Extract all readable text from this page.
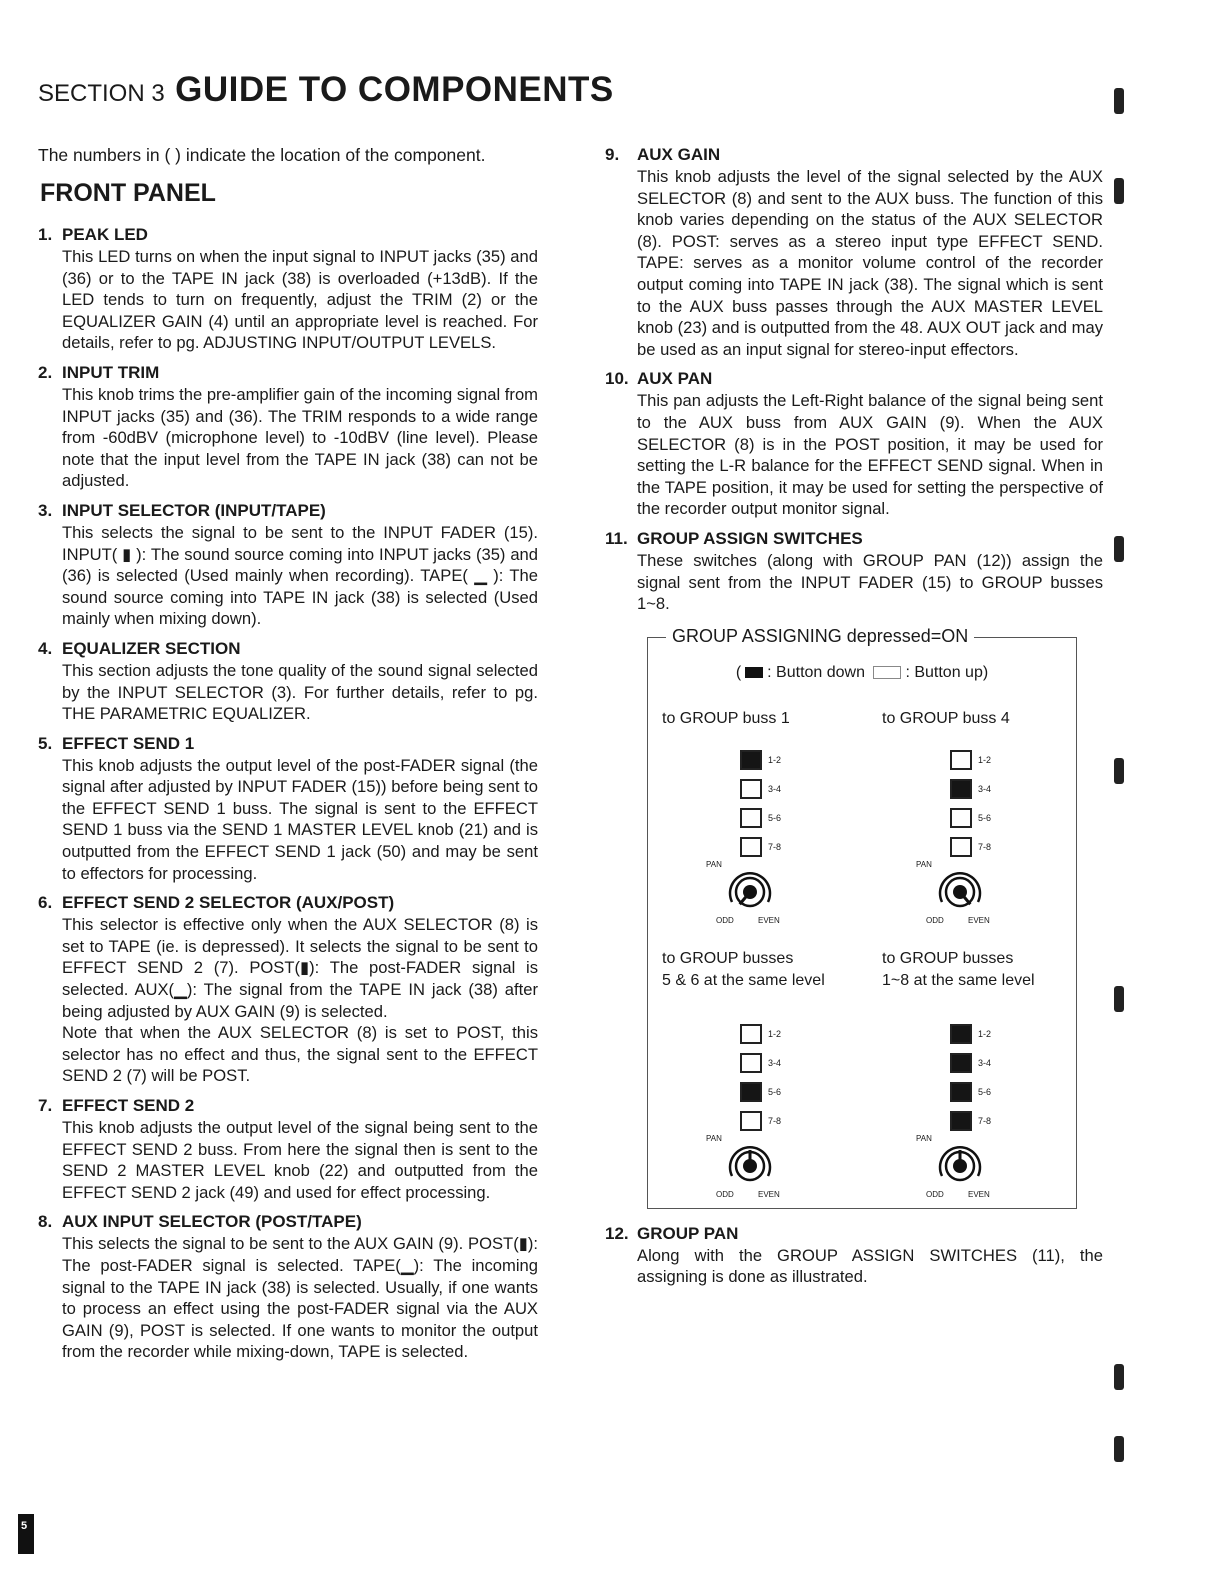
SECTION 3 GUIDE TO COMPONENTS

The numbers in ( ) indicate the location of the component.

FRONT PANEL
1. PEAK LED
This LED turns on when the input signal to INPUT jacks (35) and (36) or to the TAPE IN jack (38) is overloaded (+13dB). If the LED tends to turn on frequently, adjust the TRIM (2) or the EQUALIZER GAIN (4) until an appropriate level is reached. For details, refer to pg. ADJUSTING INPUT/OUTPUT LEVELS.
2. INPUT TRIM
This knob trims the pre-amplifier gain of the incoming signal from INPUT jacks (35) and (36). The TRIM responds to a wide range from -60dBV (microphone level) to -10dBV (line level). Please note that the input level from the TAPE IN jack (38) can not be adjusted.
3. INPUT SELECTOR (INPUT/TAPE)
This selects the signal to be sent to the INPUT FADER (15). INPUT( ▮ ): The sound source coming into INPUT jacks (35) and (36) is selected (Used mainly when recording). TAPE( ▁ ): The sound source coming into TAPE IN jack (38) is selected (Used mainly when mixing down).
4. EQUALIZER SECTION
This section adjusts the tone quality of the sound signal selected by the INPUT SELECTOR (3). For further details, refer to pg. THE PARAMETRIC EQUALIZER.
5. EFFECT SEND 1
This knob adjusts the output level of the post-FADER signal (the signal after adjusted by INPUT FADER (15)) before being sent to the EFFECT SEND 1 buss. The signal is sent to the EFFECT SEND 1 buss via the SEND 1 MASTER LEVEL knob (21) and is outputted from the EFFECT SEND 1 jack (50) and may be sent to effectors for processing.
6. EFFECT SEND 2 SELECTOR (AUX/POST)
This selector is effective only when the AUX SELECTOR (8) is set to TAPE (ie. is depressed). It selects the signal to be sent to EFFECT SEND 2 (7). POST(▮): The post-FADER signal is selected. AUX(▁): The signal from the TAPE IN jack (38) after being adjusted by AUX GAIN (9) is selected.
Note that when the AUX SELECTOR (8) is set to POST, this selector has no effect and thus, the signal sent to the EFFECT SEND 2 (7) will be POST.
7. EFFECT SEND 2
This knob adjusts the output level of the signal being sent to the EFFECT SEND 2 buss. From here the signal then is sent to the SEND 2 MASTER LEVEL knob (22) and outputted from the EFFECT SEND 2 jack (49) and used for effect processing.
8. AUX INPUT SELECTOR (POST/TAPE)
This selects the signal to be sent to the AUX GAIN (9). POST(▮): The post-FADER signal is selected. TAPE(▁): The incoming signal to the TAPE IN jack (38) is selected. Usually, if one wants to process an effect using the post-FADER signal via the AUX GAIN (9), POST is selected. If one wants to monitor the output from the recorder while mixing-down, TAPE is selected.
9. AUX GAIN
This knob adjusts the level of the signal selected by the AUX SELECTOR (8) and sent to the AUX buss. The function of this knob varies depending on the status of the AUX SELECTOR (8). POST: serves as a stereo input type EFFECT SEND. TAPE: serves as a monitor volume control of the recorder output coming into TAPE IN jack (38). The signal which is sent to the AUX buss passes through the AUX MASTER LEVEL knob (23) and is outputted from the 48. AUX OUT jack and may be used as an input signal for stereo-input effectors.
10. AUX PAN
This pan adjusts the Left-Right balance of the signal being sent to the AUX buss from AUX GAIN (9). When the AUX SELECTOR (8) is in the POST position, it may be used for setting the L-R balance for the EFFECT SEND signal. When in the TAPE position, it may be used for setting the perspective of the recorder output monitor signal.
11. GROUP ASSIGN SWITCHES
These switches (along with GROUP PAN (12)) assign the signal sent from the INPUT FADER (15) to GROUP busses 1~8.
GROUP ASSIGNING depressed=ON
( : Button down	: Button up)
to GROUP buss 1	to GROUP buss 4
to GROUP busses
5 & 6 at the same level
to GROUP busses
1~8 at the same level
1-2
3-4
5-6
7-8
1-2
3-4
5-6
7-8
1-2
3-4
5-6
7-8
1-2
3-4
5-6
7-8
PAN
ODD	EVEN
PAN
ODD	EVEN
PAN
ODD	EVEN
PAN
ODD	EVEN
12. GROUP PAN
Along with the GROUP ASSIGN SWITCHES (11), the assigning is done as illustrated.
5
